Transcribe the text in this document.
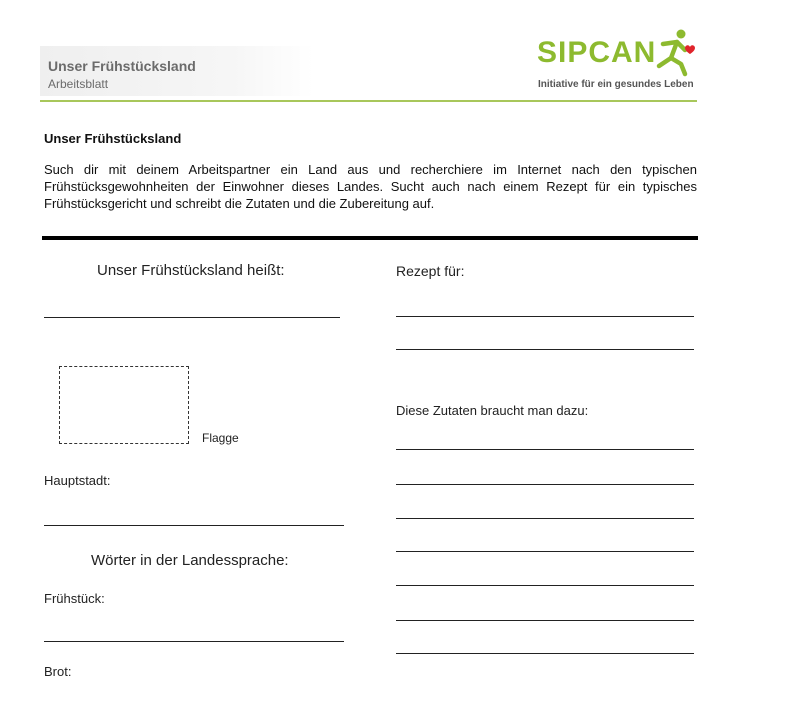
Unser Frühstücksland
Arbeitsblatt
SIPCAN
Initiative für ein gesundes Leben
Unser Frühstücksland

Such dir mit deinem Arbeitspartner ein Land aus und recherchiere im Internet nach den typischen Frühstücksgewohnheiten der Einwohner dieses Landes. Sucht auch nach einem Rezept für ein typisches Frühstücksgericht und schreibt die Zutaten und die Zubereitung auf.

Unser Frühstücksland heißt:
Flagge
Hauptstadt:
Wörter in der Landessprache:
Frühstück:
Brot:
Rezept für:
Diese Zutaten braucht man dazu:
